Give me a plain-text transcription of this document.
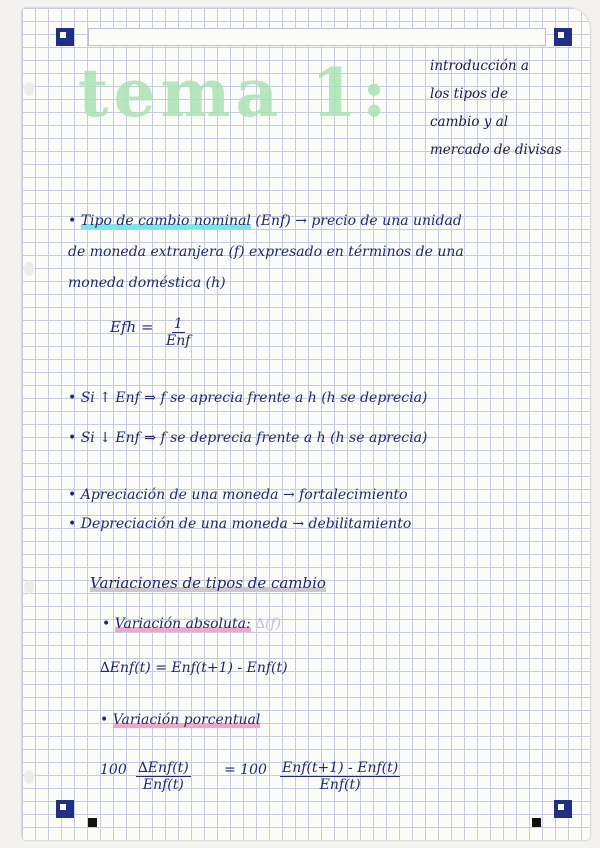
tema 1:	introducción a
los tipos de
cambio y al
mercado de divisas
• Tipo de cambio nominal (Enf) → precio de una unidad
de moneda extranjera (f) expresado en términos de una
moneda doméstica (h)
Efh = 1
Enf
• Si ↑ Enf ⇒ f se aprecia frente a h (h se deprecia)
• Si ↓ Enf ⇒ f se deprecia frente a h (h se aprecia)
• Apreciación de una moneda → fortalecimiento
• Depreciación de una moneda → debilitamiento
Variaciones de tipos de cambio
• Variación absoluta: ∆(f)
∆Enf(t) = Enf(t+1) - Enf(t)
• Variación porcentual
100 ∆Enf(t)
Enf(t)
= 100 Enf(t+1) - Enf(t)
Enf(t)
